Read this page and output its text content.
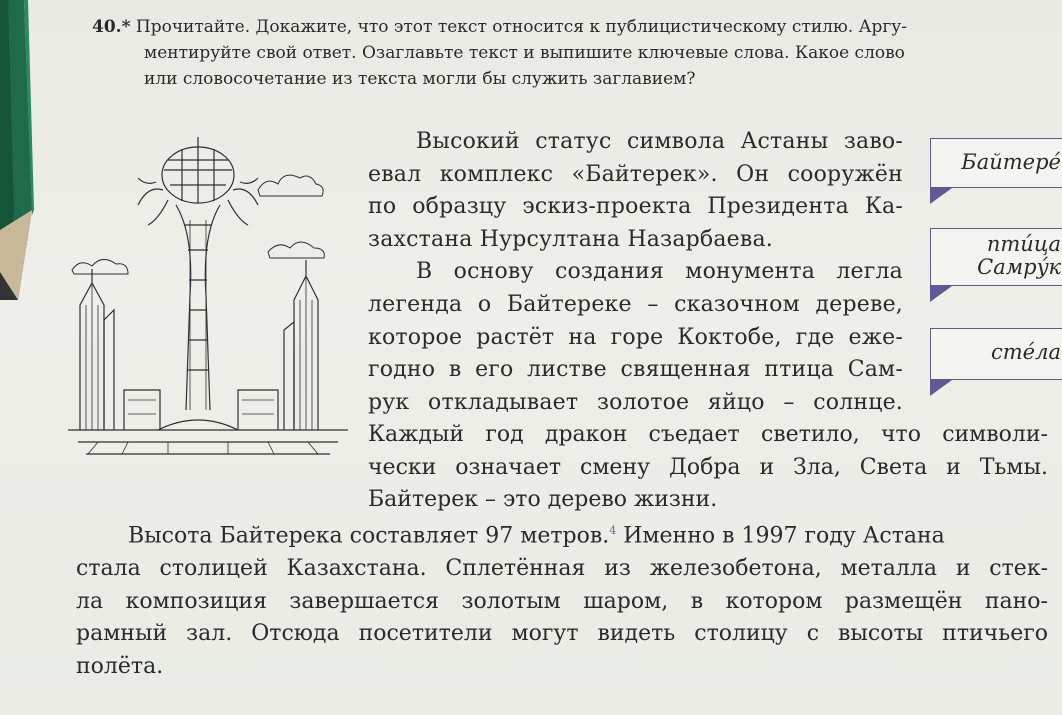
40.* Прочитайте. Докажите, что этот текст относится к публицистическому стилю. Аргу-
ментируйте свой ответ. Озаглавьте текст и выпишите ключевые слова. Какое слово
или словосочетание из текста могли бы служить заглавием?
Высокий статус символа Астаны заво-
евал комплекс «Байтерек». Он сооружён
по образцу эскиз-проекта Президента Ка-
захстана Нурсултана Назарбаева.
В основу создания монумента легла
легенда о Байтереке – сказочном дереве,
которое растёт на горе Коктобе, где еже-
годно в его листве священная птица Сам-
рук откладывает золотое яйцо – солнце.
Каждый год дракон съедает светило, что символи-
чески означает смену Добра и Зла, Света и Тьмы.
Байтерек – это дерево жизни.
Высота Байтерека составляет 97 метров.$^4$ Именно в 1997 году Астана
стала столицей Казахстана. Сплетённая из железобетона, металла и стек-
ла композиция завершается золотым шаром, в котором размещён пано-
рамный зал. Отсюда посетители могут видеть столицу с высоты птичьего
полёта.
Байтерé
птúца
Самрýк
стéла
